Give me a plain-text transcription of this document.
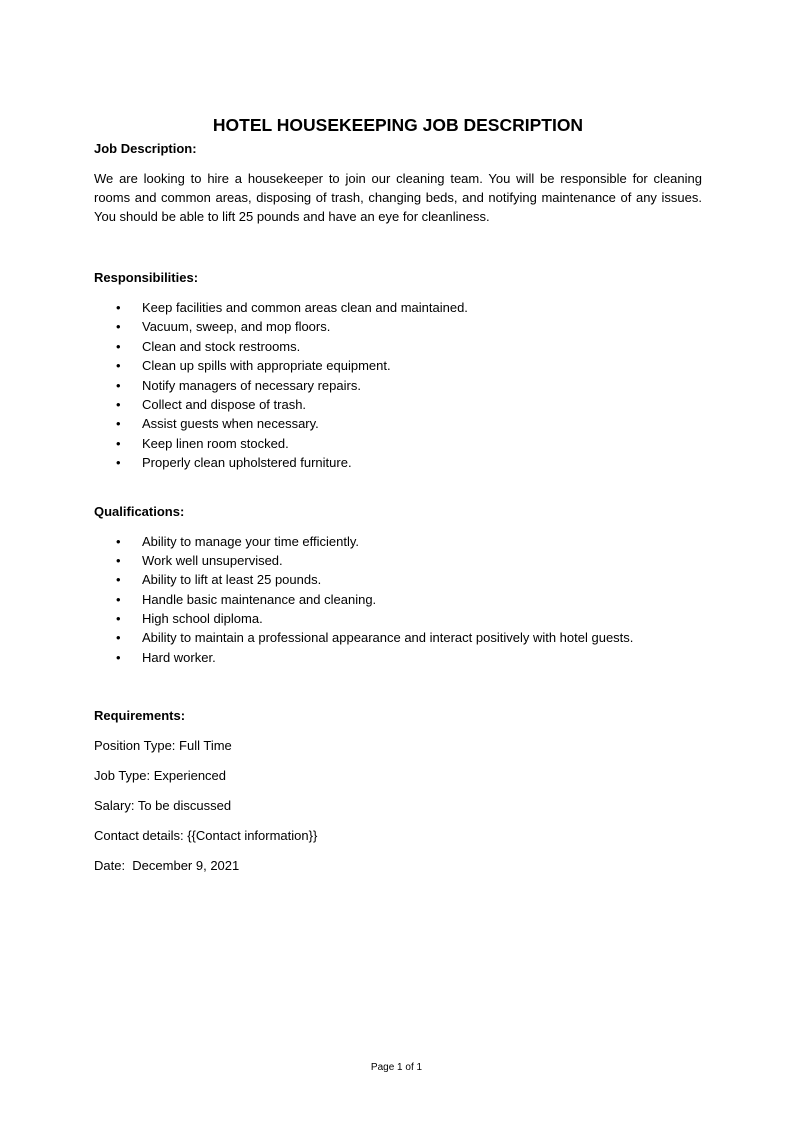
HOTEL HOUSEKEEPING JOB DESCRIPTION

Job Description:

We are looking to hire a housekeeper to join our cleaning team. You will be responsible for cleaning rooms and common areas, disposing of trash, changing beds, and notifying maintenance of any issues. You should be able to lift 25 pounds and have an eye for cleanliness.

Responsibilities:

• Keep facilities and common areas clean and maintained.
• Vacuum, sweep, and mop floors.
• Clean and stock restrooms.
• Clean up spills with appropriate equipment.
• Notify managers of necessary repairs.
• Collect and dispose of trash.
• Assist guests when necessary.
• Keep linen room stocked.
• Properly clean upholstered furniture.

Qualifications:

• Ability to manage your time efficiently.
• Work well unsupervised.
• Ability to lift at least 25 pounds.
• Handle basic maintenance and cleaning.
• High school diploma.
• Ability to maintain a professional appearance and interact positively with hotel guests.
• Hard worker.

Requirements:

Position Type: Full Time

Job Type: Experienced

Salary: To be discussed

Contact details: {{Contact information}}

Date:  December 9, 2021

Page 1 of 1
